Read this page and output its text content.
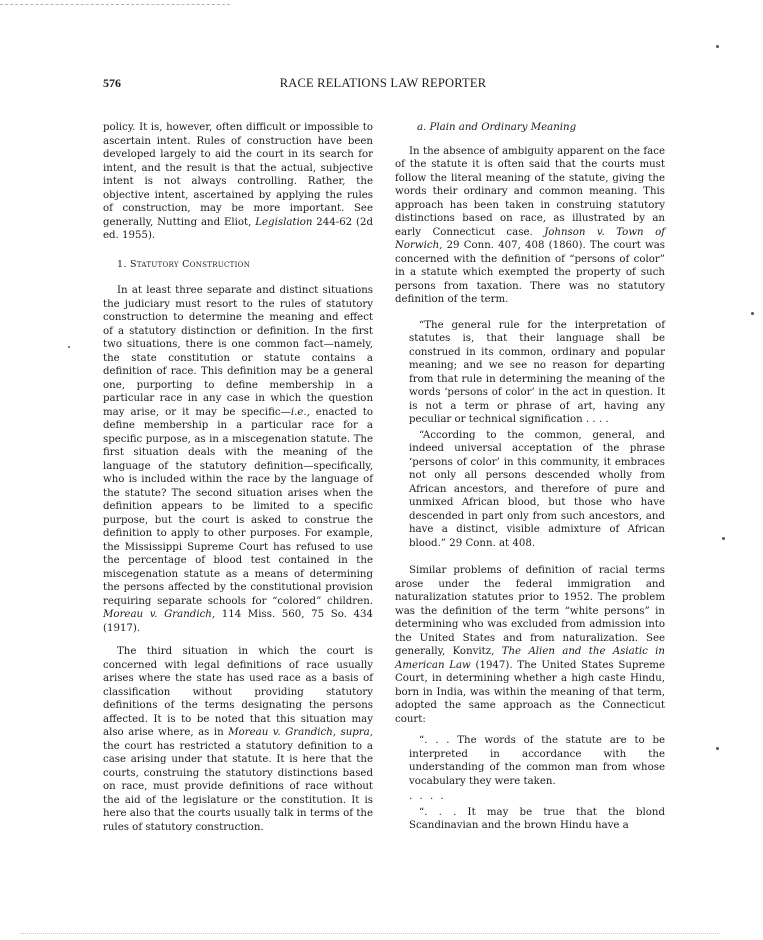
576	RACE RELATIONS LAW REPORTER

policy. It is, however, often difficult or impossible to ascertain intent. Rules of construction have been developed largely to aid the court in its search for intent, and the result is that the actual, subjective intent is not always controlling. Rather, the objective intent, ascertained by applying the rules of construction, may be more important. See generally, Nutting and Eliot, Legislation 244-62 (2d ed. 1955).

1. Statutory Construction

In at least three separate and distinct situations the judiciary must resort to the rules of statutory construction to determine the meaning and effect of a statutory distinction or definition. In the first two situations, there is one common fact—namely, the state constitution or statute contains a definition of race. This definition may be a general one, purporting to define membership in a particular race in any case in which the question may arise, or it may be specific—i.e., enacted to define membership in a particular race for a specific purpose, as in a miscegenation statute. The first situation deals with the meaning of the language of the statutory definition—specifically, who is included within the race by the language of the statute? The second situation arises when the definition appears to be limited to a specific purpose, but the court is asked to construe the definition to apply to other purposes. For example, the Mississippi Supreme Court has refused to use the percentage of blood test contained in the miscegenation statute as a means of determining the persons affected by the constitutional provision requiring separate schools for “colored” children. Moreau v. Grandich, 114 Miss. 560, 75 So. 434 (1917).

The third situation in which the court is concerned with legal definitions of race usually arises where the state has used race as a basis of classification without providing statutory definitions of the terms designating the persons affected. It is to be noted that this situation may also arise where, as in Moreau v. Grandich, supra, the court has restricted a statutory definition to a case arising under that statute. It is here that the courts, construing the statutory distinctions based on race, must provide definitions of race without the aid of the legislature or the constitution. It is here also that the courts usually talk in terms of the rules of statutory construction.

a. Plain and Ordinary Meaning

In the absence of ambiguity apparent on the face of the statute it is often said that the courts must follow the literal meaning of the statute, giving the words their ordinary and common meaning. This approach has been taken in construing statutory distinctions based on race, as illustrated by an early Connecticut case. Johnson v. Town of Norwich, 29 Conn. 407, 408 (1860). The court was concerned with the definition of “persons of color” in a statute which exempted the property of such persons from taxation. There was no statutory definition of the term.

“The general rule for the interpretation of statutes is, that their language shall be construed in its common, ordinary and popular meaning; and we see no reason for departing from that rule in determining the meaning of the words ‘persons of color’ in the act in question. It is not a term or phrase of art, having any peculiar or technical signification . . . .

“According to the common, general, and indeed universal acceptation of the phrase ‘persons of color’ in this community, it embraces not only all persons descended wholly from African ancestors, and therefore of pure and unmixed African blood, but those who have descended in part only from such ancestors, and have a distinct, visible admixture of African blood.” 29 Conn. at 408.

Similar problems of definition of racial terms arose under the federal immigration and naturalization statutes prior to 1952. The problem was the definition of the term “white persons” in determining who was excluded from admission into the United States and from naturalization. See generally, Konvitz, The Alien and the Asiatic in American Law (1947). The United States Supreme Court, in determining whether a high caste Hindu, born in India, was within the meaning of that term, adopted the same approach as the Connecticut court:

“. . . The words of the statute are to be interpreted in accordance with the understanding of the common man from whose vocabulary they were taken.

. . . .

“. . . It may be true that the blond Scandinavian and the brown Hindu have a
